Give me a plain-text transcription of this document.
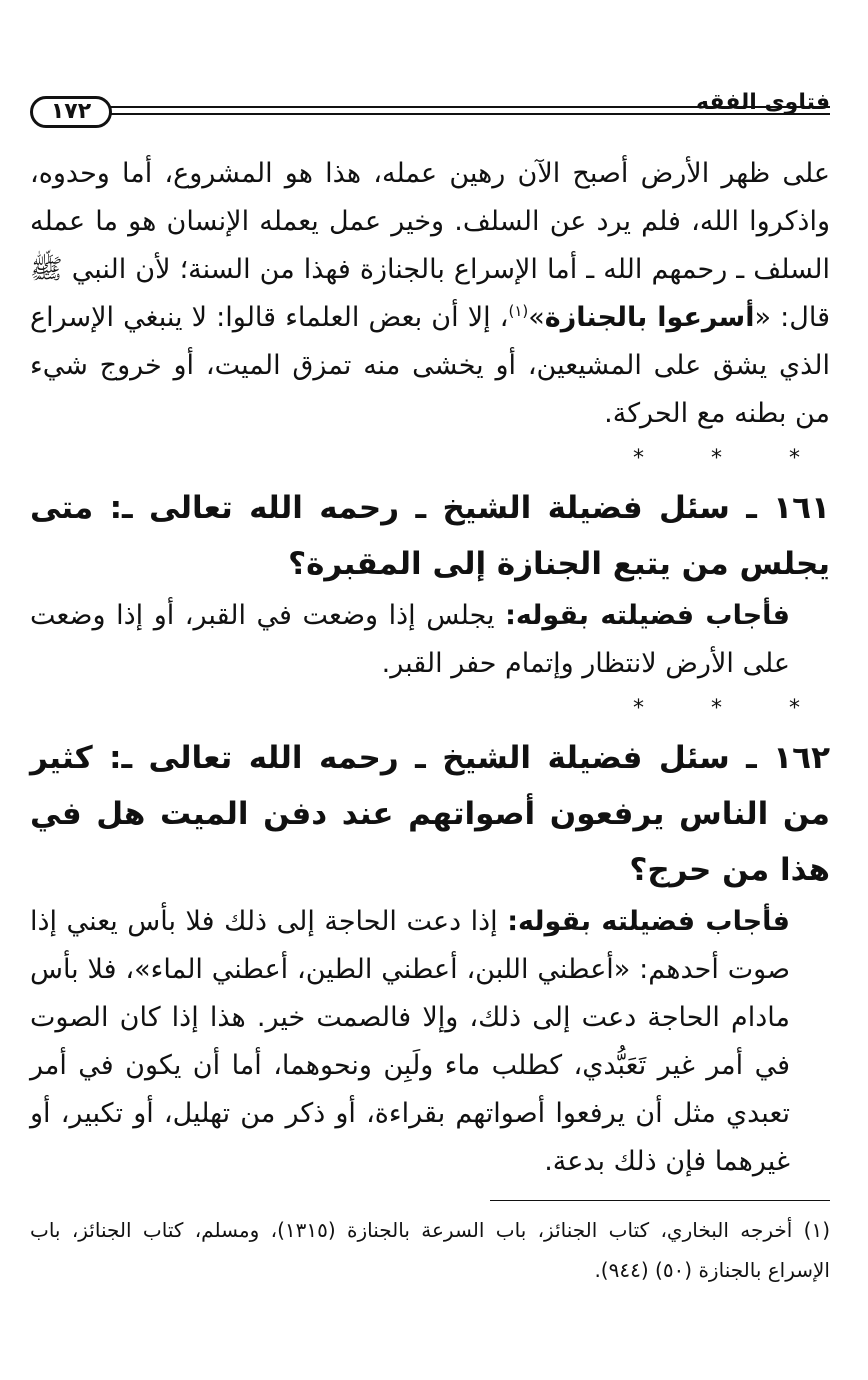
فتاوى الفقه
١٧٢

على ظهر الأرض أصبح الآن رهين عمله، هذا هو المشروع، أما وحدوه، واذكروا الله، فلم يرد عن السلف. وخير عمل يعمله الإنسان هو ما عمله السلف ـ رحمهم الله ـ أما الإسراع بالجنازة فهذا من السنة؛ لأن النبي ﷺ قال: «أسرعوا بالجنازة»$^{(١)}$، إلا أن بعض العلماء قالوا: لا ينبغي الإسراع الذي يشق على المشيعين، أو يخشى منه تمزق الميت، أو خروج شيء من بطنه مع الحركة.

* * *

١٦١ ـ سئل فضيلة الشيخ ـ رحمه الله تعالى ـ: متى يجلس من يتبع الجنازة إلى المقبرة؟

فأجاب فضيلته بقوله: يجلس إذا وضعت في القبر، أو إذا وضعت على الأرض لانتظار وإتمام حفر القبر.

* * *

١٦٢ ـ سئل فضيلة الشيخ ـ رحمه الله تعالى ـ: كثير من الناس يرفعون أصواتهم عند دفن الميت هل في هذا من حرج؟

فأجاب فضيلته بقوله: إذا دعت الحاجة إلى ذلك فلا بأس يعني إذا صوت أحدهم: «أعطني اللبن، أعطني الطين، أعطني الماء»، فلا بأس مادام الحاجة دعت إلى ذلك، وإلا فالصمت خير. هذا إذا كان الصوت في أمر غير تَعَبُّدي، كطلب ماء ولَبِن ونحوهما، أما أن يكون في أمر تعبدي مثل أن يرفعوا أصواتهم بقراءة، أو ذكر من تهليل، أو تكبير، أو غيرهما فإن ذلك بدعة.

(١) أخرجه البخاري، كتاب الجنائز، باب السرعة بالجنازة (١٣١٥)، ومسلم، كتاب الجنائز، باب الإسراع بالجنازة (٥٠) (٩٤٤).
